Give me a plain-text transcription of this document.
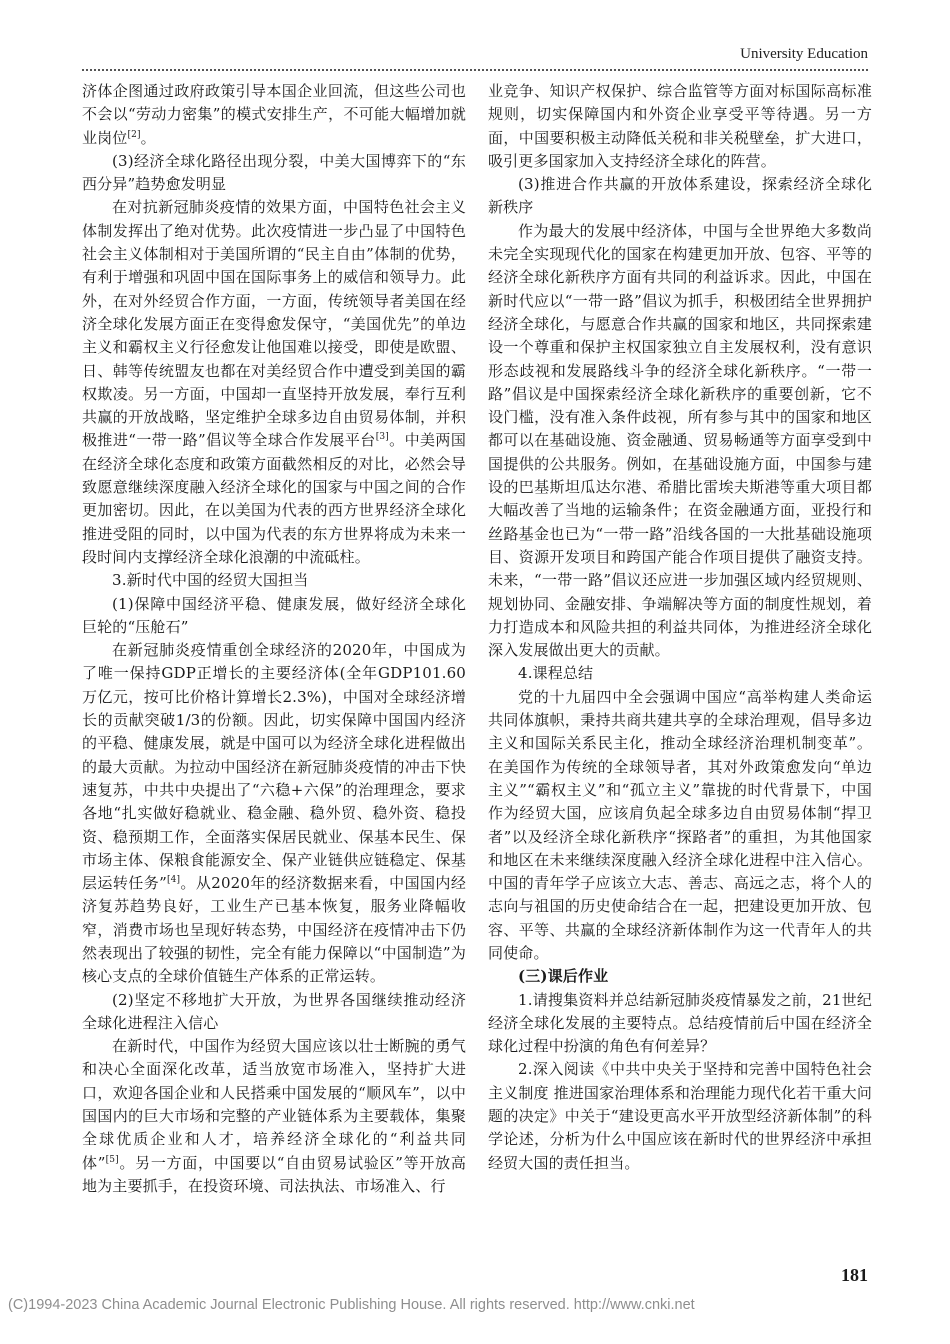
University Education

济体企图通过政府政策引导本国企业回流，但这些公司也不会以“劳动力密集”的模式安排生产，不可能大幅增加就业岗位[2]。

(3)经济全球化路径出现分裂，中美大国博弈下的“东西分异”趋势愈发明显

在对抗新冠肺炎疫情的效果方面，中国特色社会主义体制发挥出了绝对优势。此次疫情进一步凸显了中国特色社会主义体制相对于美国所谓的“民主自由”体制的优势，有利于增强和巩固中国在国际事务上的威信和领导力。此外，在对外经贸合作方面，一方面，传统领导者美国在经济全球化发展方面正在变得愈发保守，“美国优先”的单边主义和霸权主义行径愈发让他国难以接受，即使是欧盟、日、韩等传统盟友也都在对美经贸合作中遭受到美国的霸权欺凌。另一方面，中国却一直坚持开放发展，奉行互利共赢的开放战略，坚定维护全球多边自由贸易体制，并积极推进“一带一路”倡议等全球合作发展平台[3]。中美两国在经济全球化态度和政策方面截然相反的对比，必然会导致愿意继续深度融入经济全球化的国家与中国之间的合作更加密切。因此，在以美国为代表的西方世界经济全球化推进受阻的同时，以中国为代表的东方世界将成为未来一段时间内支撑经济全球化浪潮的中流砥柱。

3.新时代中国的经贸大国担当

(1)保障中国经济平稳、健康发展，做好经济全球化巨轮的“压舱石”

在新冠肺炎疫情重创全球经济的2020年，中国成为了唯一保持GDP正增长的主要经济体(全年GDP101.60万亿元，按可比价格计算增长2.3%)，中国对全球经济增长的贡献突破1/3的份额。因此，切实保障中国国内经济的平稳、健康发展，就是中国可以为经济全球化进程做出的最大贡献。为拉动中国经济在新冠肺炎疫情的冲击下快速复苏，中共中央提出了“六稳+六保”的治理理念，要求各地“扎实做好稳就业、稳金融、稳外贸、稳外资、稳投资、稳预期工作，全面落实保居民就业、保基本民生、保市场主体、保粮食能源安全、保产业链供应链稳定、保基层运转任务”[4]。从2020年的经济数据来看，中国国内经济复苏趋势良好，工业生产已基本恢复，服务业降幅收窄，消费市场也呈现好转态势，中国经济在疫情冲击下仍然表现出了较强的韧性，完全有能力保障以“中国制造”为核心支点的全球价值链生产体系的正常运转。

(2)坚定不移地扩大开放，为世界各国继续推动经济全球化进程注入信心

在新时代，中国作为经贸大国应该以壮士断腕的勇气和决心全面深化改革，适当放宽市场准入，坚持扩大进口，欢迎各国企业和人民搭乘中国发展的“顺风车”，以中国国内的巨大市场和完整的产业链体系为主要载体，集聚全球优质企业和人才，培养经济全球化的“利益共同体”[5]。另一方面，中国要以“自由贸易试验区”等开放高地为主要抓手，在投资环境、司法执法、市场准入、行

业竞争、知识产权保护、综合监管等方面对标国际高标准规则，切实保障国内和外资企业享受平等待遇。另一方面，中国要积极主动降低关税和非关税壁垒，扩大进口，吸引更多国家加入支持经济全球化的阵营。

(3)推进合作共赢的开放体系建设，探索经济全球化新秩序

作为最大的发展中经济体，中国与全世界绝大多数尚未完全实现现代化的国家在构建更加开放、包容、平等的经济全球化新秩序方面有共同的利益诉求。因此，中国在新时代应以“一带一路”倡议为抓手，积极团结全世界拥护经济全球化，与愿意合作共赢的国家和地区，共同探索建设一个尊重和保护主权国家独立自主发展权利，没有意识形态歧视和发展路线斗争的经济全球化新秩序。“一带一路”倡议是中国探索经济全球化新秩序的重要创新，它不设门槛，没有准入条件歧视，所有参与其中的国家和地区都可以在基础设施、资金融通、贸易畅通等方面享受到中国提供的公共服务。例如，在基础设施方面，中国参与建设的巴基斯坦瓜达尔港、希腊比雷埃夫斯港等重大项目都大幅改善了当地的运输条件；在资金融通方面，亚投行和丝路基金也已为“一带一路”沿线各国的一大批基础设施项目、资源开发项目和跨国产能合作项目提供了融资支持。未来，“一带一路”倡议还应进一步加强区域内经贸规则、规划协同、金融安排、争端解决等方面的制度性规划，着力打造成本和风险共担的利益共同体，为推进经济全球化深入发展做出更大的贡献。

4.课程总结

党的十九届四中全会强调中国应“高举构建人类命运共同体旗帜，秉持共商共建共享的全球治理观，倡导多边主义和国际关系民主化，推动全球经济治理机制变革”。在美国作为传统的全球领导者，其对外政策愈发向“单边主义”“霸权主义”和“孤立主义”靠拢的时代背景下，中国作为经贸大国，应该肩负起全球多边自由贸易体制“捍卫者”以及经济全球化新秩序“探路者”的重担，为其他国家和地区在未来继续深度融入经济全球化进程中注入信心。中国的青年学子应该立大志、善志、高远之志，将个人的志向与祖国的历史使命结合在一起，把建设更加开放、包容、平等、共赢的全球经济新体制作为这一代青年人的共同使命。

(三)课后作业

1.请搜集资料并总结新冠肺炎疫情暴发之前，21世纪经济全球化发展的主要特点。总结疫情前后中国在经济全球化过程中扮演的角色有何差异？

2.深入阅读《中共中央关于坚持和完善中国特色社会主义制度 推进国家治理体系和治理能力现代化若干重大问题的决定》中关于“建设更高水平开放型经济新体制”的科学论述，分析为什么中国应该在新时代的世界经济中承担经贸大国的责任担当。

181
(C)1994-2023 China Academic Journal Electronic Publishing House. All rights reserved. http://www.cnki.net
